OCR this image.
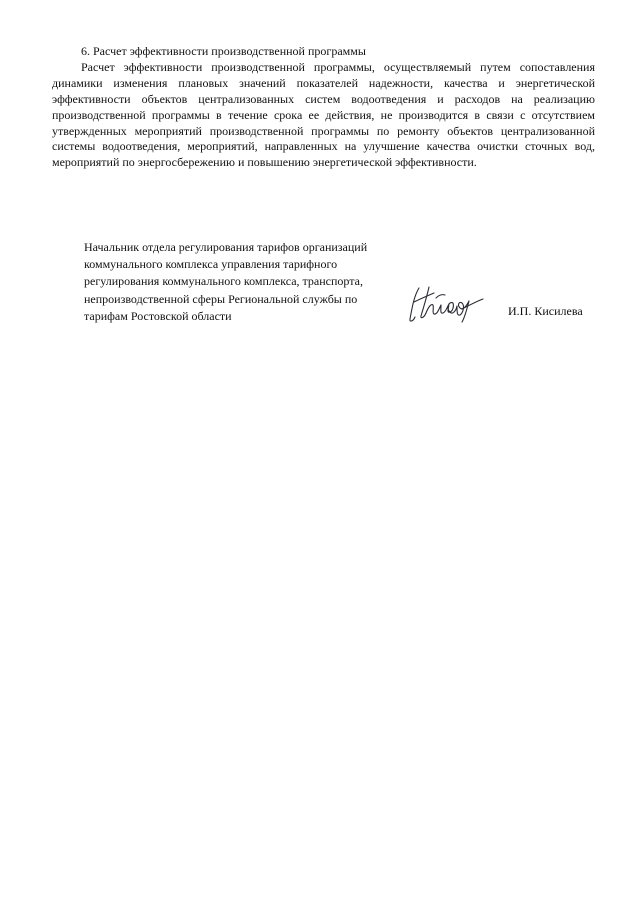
6. Расчет эффективности производственной программы

Расчет эффективности производственной программы, осуществляемый путем сопоставления динамики изменения плановых значений показателей надежности, качества и энергетической эффективности объектов централизованных систем водоотведения и расходов на реализацию производственной программы в течение срока ее действия, не производится в связи с отсутствием утвержденных мероприятий производственной программы по ремонту объектов централизованной системы водоотведения, мероприятий, направленных на улучшение качества очистки сточных вод, мероприятий по энергосбережению и повышению энергетической эффективности.

Начальник отдела регулирования тарифов организаций
коммунального комплекса управления тарифного
регулирования коммунального комплекса, транспорта,
непроизводственной сферы Региональной службы по
тарифам Ростовской области	И.П. Кисилева
